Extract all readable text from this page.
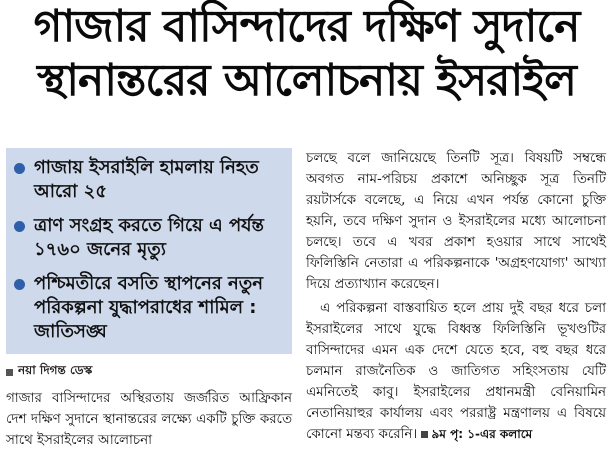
গাজার বাসিন্দাদের দক্ষিণ সুদানে
স্থানান্তরের আলোচনায় ইসরাইল
গাজায় ইসরাইলি হামলায় নিহত আরো ২৫
ত্রাণ সংগ্রহ করতে গিয়ে এ পর্যন্ত ১৭৬০ জনের মৃত্যু
পশ্চিমতীরে বসতি স্থাপনের নতুন পরিকল্পনা যুদ্ধাপরাধের শামিল : জাতিসঙ্ঘ
নয়া দিগন্ত ডেস্ক
গাজার বাসিন্দাদের অস্থিরতায় জর্জরিত আফ্রিকান দেশ দক্ষিণ সুদানে স্থানান্তরের লক্ষ্যে একটি চুক্তি করতে সাথে ইসরাইলের আলোচনা

চলছে বলে জানিয়েছে তিনটি সূত্র। বিষয়টি সম্বন্ধে অবগত নাম-পরিচয় প্রকাশে অনিচ্ছুক সূত্র তিনটি রয়টার্সকে বলেছে, এ নিয়ে এখন পর্যন্ত কোনো চুক্তি হয়নি, তবে দক্ষিণ সুদান ও ইসরাইলের মধ্যে আলোচনা চলছে। তবে এ খবর প্রকাশ হওয়ার সাথে সাথেই ফিলিস্তিনি নেতারা এ পরিকল্পনাকে 'অগ্রহণযোগ্য' আখ্যা দিয়ে প্রত্যাখ্যান করেছেন।

এ পরিকল্পনা বাস্তবায়িত হলে প্রায় দুই বছর ধরে চলা ইসরাইলের সাথে যুদ্ধে বিধ্বস্ত ফিলিস্তিনি ভূখণ্ডটির বাসিন্দাদের এমন এক দেশে যেতে হবে, বহু বছর ধরে চলমান রাজনৈতিক ও জাতিগত সহিংসতায় যেটি এমনিতেই কাবু। ইসরাইলের প্রধানমন্ত্রী বেনিয়ামিন নেতানিয়াহুর কার্যালয় এবং পররাষ্ট্র মন্ত্রণালয় এ বিষয়ে কোনো মন্তব্য করেনি। ৯ম পৃ: ১-এর কলামে
